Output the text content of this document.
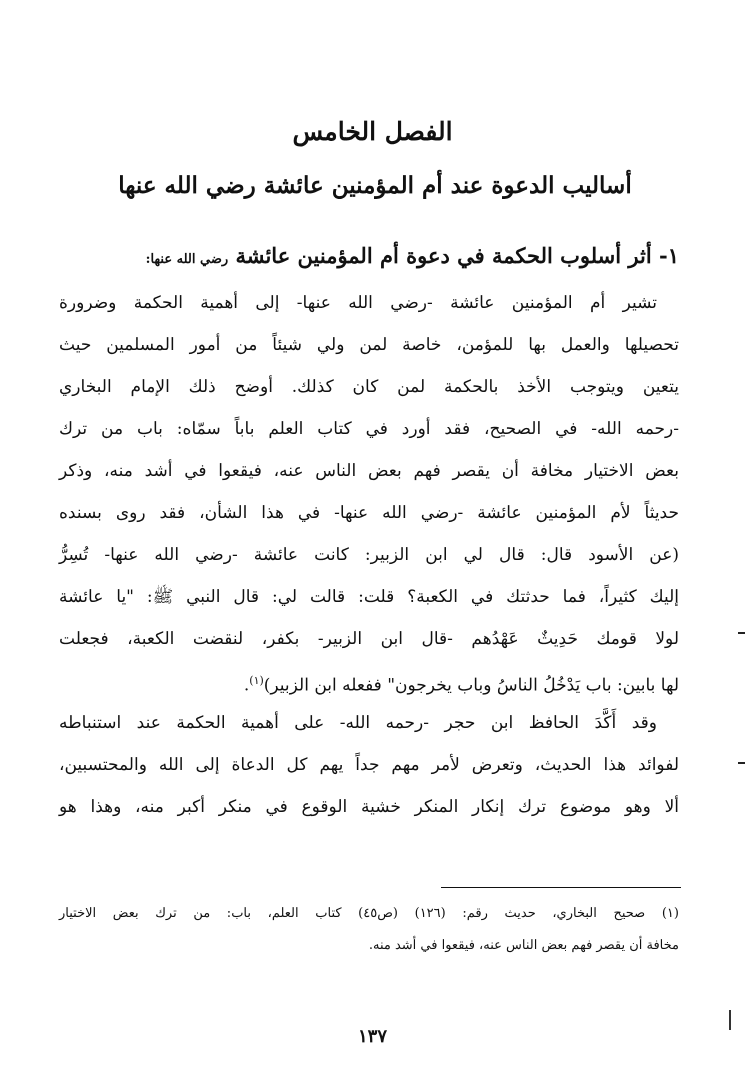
الفصل الخامس
أساليب الدعوة عند أم المؤمنين عائشة رضي الله عنها
١- أثر أسلوب الحكمة في دعوة أم المؤمنين عائشة رضي الله عنها:
تشير أم المؤمنين عائشة -رضي الله عنها- إلى أهمية الحكمة وضرورة
تحصيلها والعمل بها للمؤمن، خاصة لمن ولي شيئاً من أمور المسلمين حيث
يتعين ويتوجب الأخذ بالحكمة لمن كان كذلك. أوضح ذلك الإمام البخاري
-رحمه الله- في الصحيح، فقد أورد في كتاب العلم باباً سمّاه: باب من ترك
بعض الاختيار مخافة أن يقصر فهم بعض الناس عنه، فيقعوا في أشد منه، وذكر
حديثاً لأم المؤمنين عائشة -رضي الله عنها- في هذا الشأن، فقد روى بسنده
(عن الأسود قال: قال لي ابن الزبير: كانت عائشة -رضي الله عنها- تُسِرُّ
إليك كثيراً، فما حدثتك في الكعبة؟ قلت: قالت لي: قال النبي ﷺ: "يا عائشة
لولا قومك حَدِيثٌ عَهْدُهم -قال ابن الزبير- بكفر، لنقضت الكعبة، فجعلت
لها بابين: باب يَدْخُلُ الناسُ وباب يخرجون" ففعله ابن الزبير)$^{(١)}$.
وقد أَكَّدَ الحافظ ابن حجر -رحمه الله- على أهمية الحكمة عند استنباطه
لفوائد هذا الحديث، وتعرض لأمر مهم جداً يهم كل الدعاة إلى الله والمحتسبين،
ألا وهو موضوع ترك إنكار المنكر خشية الوقوع في منكر أكبر منه، وهذا هو
(١) صحيح البخاري، حديث رقم: (١٢٦) (ص٤٥) كتاب العلم، باب: من ترك بعض الاختيار
مخافة أن يقصر فهم بعض الناس عنه، فيقعوا في أشد منه.
١٣٧
